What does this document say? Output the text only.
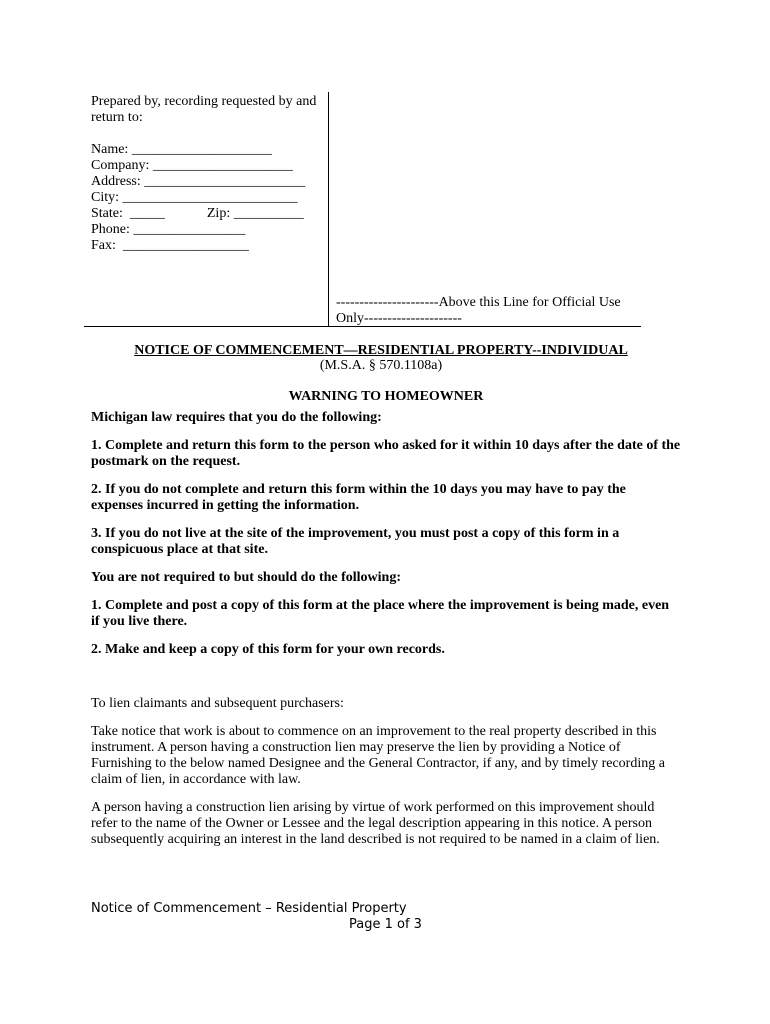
Prepared by, recording requested by and
return to:
Name: ____________________
Company: ____________________
Address: _______________________
City: _________________________
State:  _____            Zip: __________
Phone: ________________
Fax:  __________________
----------------------Above this Line for Official Use
Only---------------------
NOTICE OF COMMENCEMENT—RESIDENTIAL PROPERTY--INDIVIDUAL
(M.S.A. § 570.1108a)
WARNING TO HOMEOWNER

Michigan law requires that you do the following:

1. Complete and return this form to the person who asked for it within 10 days after the date of the postmark on the request.

2. If you do not complete and return this form within the 10 days you may have to pay the expenses incurred in getting the information.

3. If you do not live at the site of the improvement, you must post a copy of this form in a conspicuous place at that site.

You are not required to but should do the following:

1. Complete and post a copy of this form at the place where the improvement is being made, even if you live there.

2. Make and keep a copy of this form for your own records.

To lien claimants and subsequent purchasers:

Take notice that work is about to commence on an improvement to the real property described in this instrument. A person having a construction lien may preserve the lien by providing a Notice of Furnishing to the below named Designee and the General Contractor, if any, and by timely recording a claim of lien, in accordance with law.

A person having a construction lien arising by virtue of work performed on this improvement should refer to the name of the Owner or Lessee and the legal description appearing in this notice. A person subsequently acquiring an interest in the land described is not required to be named in a claim of lien.

Notice of Commencement – Residential Property
Page 1 of 3
